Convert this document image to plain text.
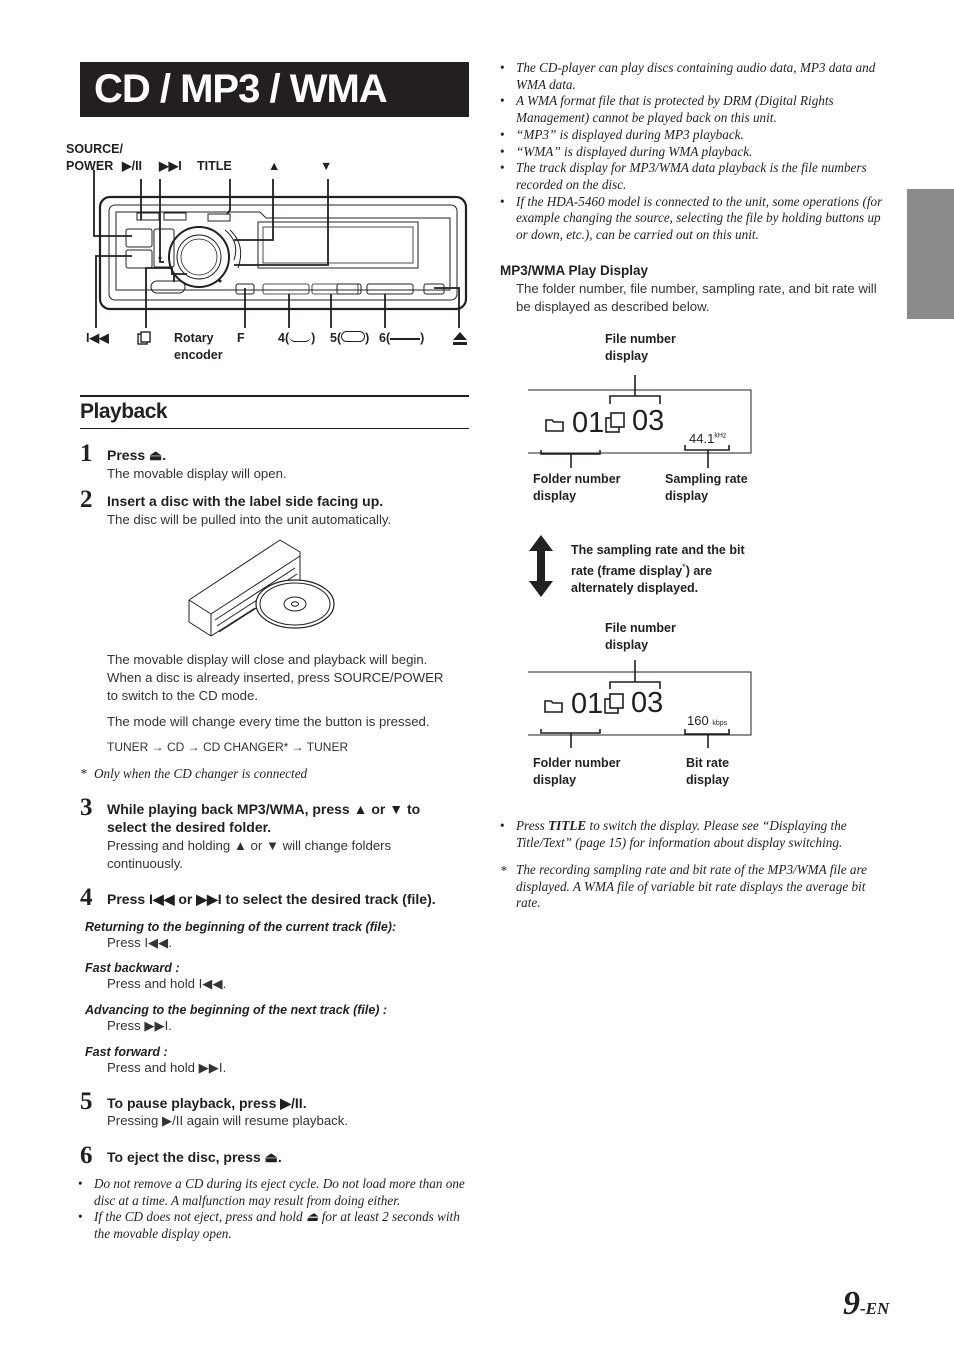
CD / MP3 / WMA
SOURCE/
POWER ▶/II ▶▶I TITLE	▲	▼
I◀◀	Rotary
encoder
F	4( ) 5( ) 6( )
Playback
1 Press ⏏.
The movable display will open.
2 Insert a disc with the label side facing up.
The disc will be pulled into the unit automatically.
The movable display will close and playback will begin.
When a disc is already inserted, press SOURCE/POWER
to switch to the CD mode.
The mode will change every time the button is pressed.
TUNER → CD → CD CHANGER* → TUNER
* Only when the CD changer is connected
3 While playing back MP3/WMA, press ▲ or ▼ to
select the desired folder.
Pressing and holding ▲ or ▼ will change folders
continuously.
4 Press I◀◀ or ▶▶I to select the desired track (file).
Returning to the beginning of the current track (file):
Press I◀◀.
Fast backward :
Press and hold I◀◀.
Advancing to the beginning of the next track (file) :
Press ▶▶I.
Fast forward :
Press and hold ▶▶I.
5 To pause playback, press ▶/II.
Pressing ▶/II again will resume playback.
6 To eject the disc, press ⏏.
• Do not remove a CD during its eject cycle. Do not load more than one disc at a time. A malfunction may result from doing either.
• If the CD does not eject, press and hold ⏏ for at least 2 seconds with the movable display open.
• The CD-player can play discs containing audio data, MP3 data and WMA data.
• A WMA format file that is protected by DRM (Digital Rights Management) cannot be played back on this unit.
• “MP3” is displayed during MP3 playback.
• “WMA” is displayed during WMA playback.
• The track display for MP3/WMA data playback is the file numbers recorded on the disc.
• If the HDA-5460 model is connected to the unit, some operations (for example changing the source, selecting the file by holding buttons up or down, etc.), can be carried out on this unit.
MP3/WMA Play Display
The folder number, file number, sampling rate, and bit rate will be displayed as described below.
File number
display
01 03
$44.1^{kHz}$
Folder number
display
Sampling rate
display
The sampling rate and the bit
rate (frame display*) are
alternately displayed.
File number
display
01 03
160 kbps
Folder number
display
Bit rate
display
• Press TITLE to switch the display. Please see “Displaying the Title/Text” (page 15) for information about display switching.
* The recording sampling rate and bit rate of the MP3/WMA file are displayed. A WMA file of variable bit rate displays the average bit rate.
9-EN
